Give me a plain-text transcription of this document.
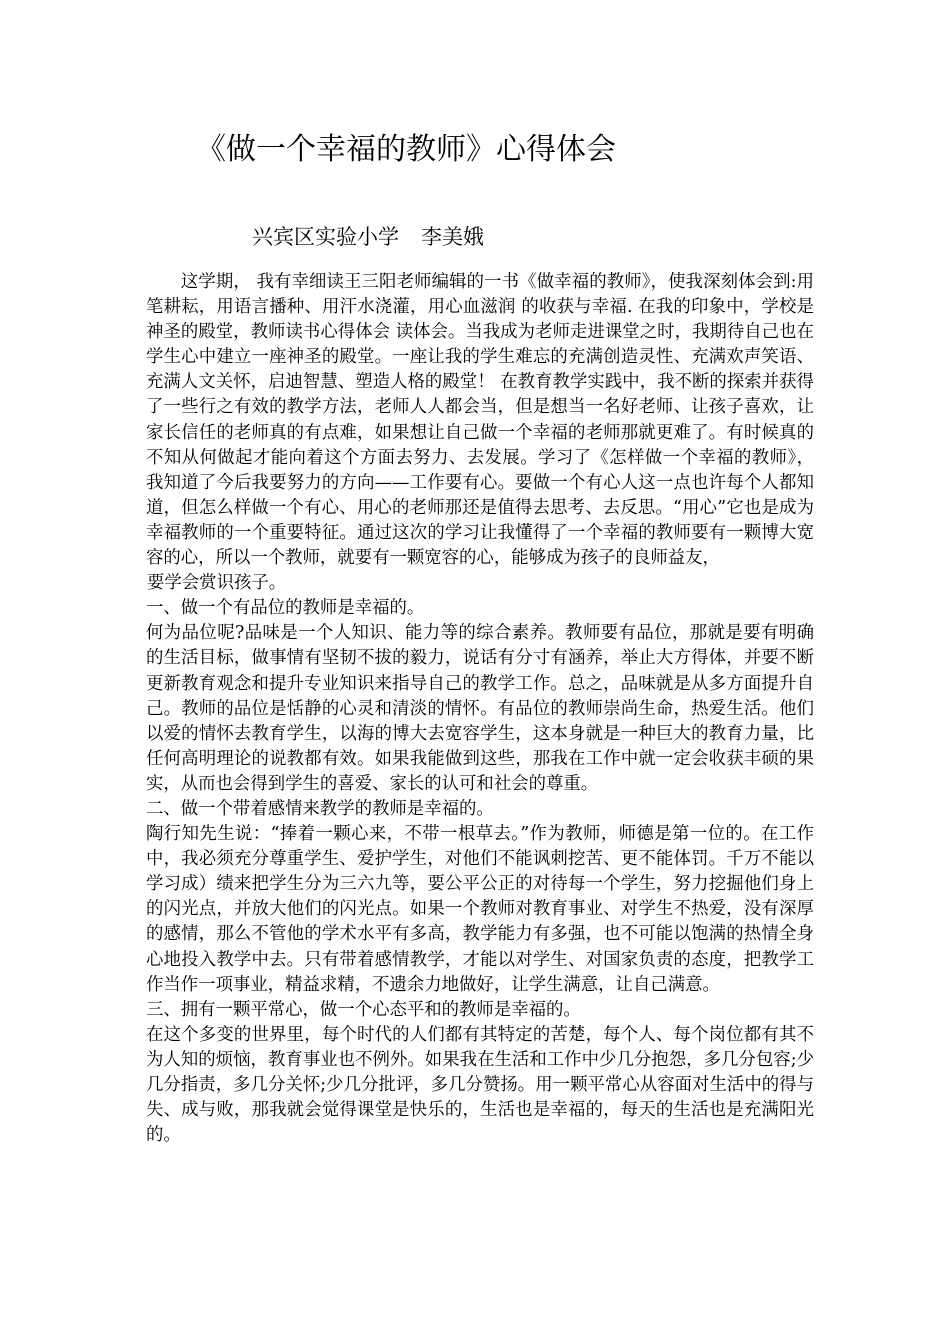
《做一个幸福的教师》心得体会
兴宾区实验小学 李美娥

这学期， 我有幸细读王三阳老师编辑的一书《做幸福的教师》，使我深刻体会到:用笔耕耘，用语言播种、用汗水浇灌，用心血滋润 的收获与幸福. 在我的印象中，学校是神圣的殿堂，教师读书心得体会 读体会。当我成为老师走进课堂之时，我期待自己也在学生心中建立一座神圣的殿堂。一座让我的学生难忘的充满创造灵性、充满欢声笑语、充满人文关怀，启迪智慧、塑造人格的殿堂！ 在教育教学实践中，我不断的探索并获得了一些行之有效的教学方法，老师人人都会当，但是想当一名好老师、让孩子喜欢，让家长信任的老师真的有点难，如果想让自己做一个幸福的老师那就更难了。有时候真的不知从何做起才能向着这个方面去努力、去发展。学习了《怎样做一个幸福的教师》，我知道了今后我要努力的方向——工作要有心。要做一个有心人这一点也许每个人都知道，但怎么样做一个有心、用心的老师那还是值得去思考、去反思。“用心”它也是成为幸福教师的一个重要特征。通过这次的学习让我懂得了一个幸福的教师要有一颗博大宽容的心，所以一个教师，就要有一颗宽容的心，能够成为孩子的良师益友，

要学会赏识孩子。

一、做一个有品位的教师是幸福的。

何为品位呢?品味是一个人知识、能力等的综合素养。教师要有品位，那就是要有明确的生活目标，做事情有坚韧不拔的毅力，说话有分寸有涵养，举止大方得体，并要不断更新教育观念和提升专业知识来指导自己的教学工作。总之，品味就是从多方面提升自己。教师的品位是恬静的心灵和清淡的情怀。有品位的教师崇尚生命，热爱生活。他们以爱的情怀去教育学生，以海的博大去宽容学生，这本身就是一种巨大的教育力量，比任何高明理论的说教都有效。如果我能做到这些，那我在工作中就一定会收获丰硕的果实，从而也会得到学生的喜爱、家长的认可和社会的尊重。

二、做一个带着感情来教学的教师是幸福的。

陶行知先生说：“捧着一颗心来，不带一根草去。”作为教师，师德是第一位的。在工作中，我必须充分尊重学生、爱护学生，对他们不能讽刺挖苦、更不能体罚。千万不能以学习成）绩来把学生分为三六九等，要公平公正的对待每一个学生，努力挖掘他们身上的闪光点，并放大他们的闪光点。如果一个教师对教育事业、对学生不热爱，没有深厚的感情，那么不管他的学术水平有多高，教学能力有多强，也不可能以饱满的热情全身心地投入教学中去。只有带着感情教学，才能以对学生、对国家负责的态度，把教学工作当作一项事业，精益求精，不遗余力地做好，让学生满意，让自己满意。

三、拥有一颗平常心，做一个心态平和的教师是幸福的。

在这个多变的世界里，每个时代的人们都有其特定的苦楚，每个人、每个岗位都有其不为人知的烦恼，教育事业也不例外。如果我在生活和工作中少几分抱怨，多几分包容;少几分指责，多几分关怀;少几分批评，多几分赞扬。用一颗平常心从容面对生活中的得与失、成与败，那我就会觉得课堂是快乐的，生活也是幸福的，每天的生活也是充满阳光的。
